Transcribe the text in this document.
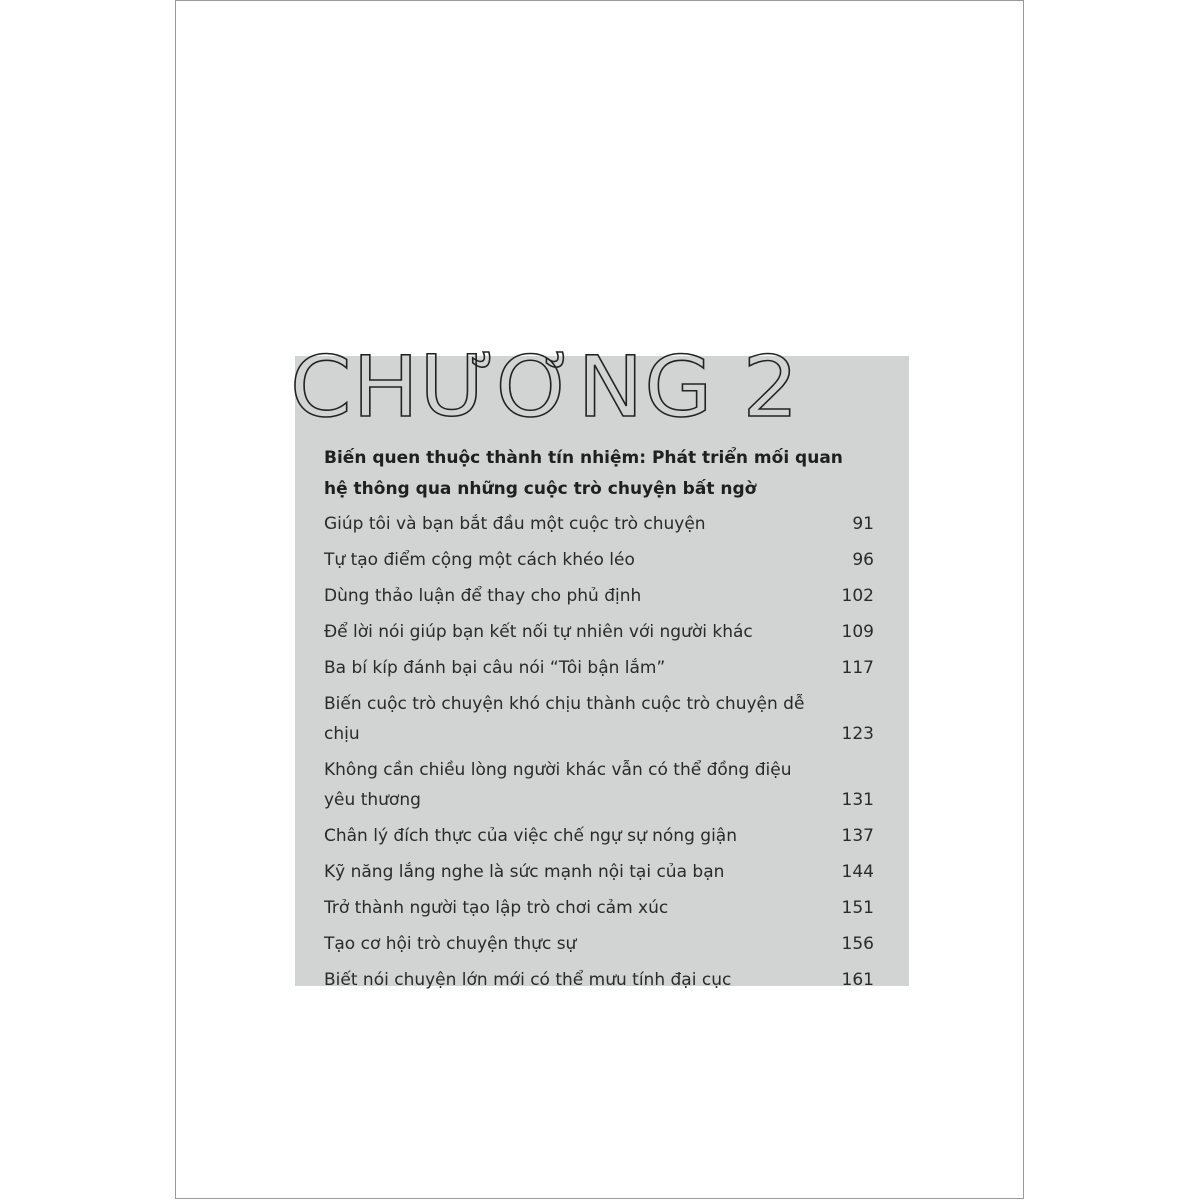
CHƯƠNG 2
Biến quen thuộc thành tín nhiệm: Phát triển mối quan hệ thông qua những cuộc trò chuyện bất ngờ
Giúp tôi và bạn bắt đầu một cuộc trò chuyện	91
Tự tạo điểm cộng một cách khéo léo	96
Dùng thảo luận để thay cho phủ định	102
Để lời nói giúp bạn kết nối tự nhiên với người khác	109
Ba bí kíp đánh bại câu nói “Tôi bận lắm”	117
Biến cuộc trò chuyện khó chịu thành cuộc trò chuyện dễ chịu	123
Không cần chiều lòng người khác vẫn có thể đồng điệu yêu thương	131
Chân lý đích thực của việc chế ngự sự nóng giận	137
Kỹ năng lắng nghe là sức mạnh nội tại của bạn	144
Trở thành người tạo lập trò chơi cảm xúc	151
Tạo cơ hội trò chuyện thực sự	156
Biết nói chuyện lớn mới có thể mưu tính đại cục	161
